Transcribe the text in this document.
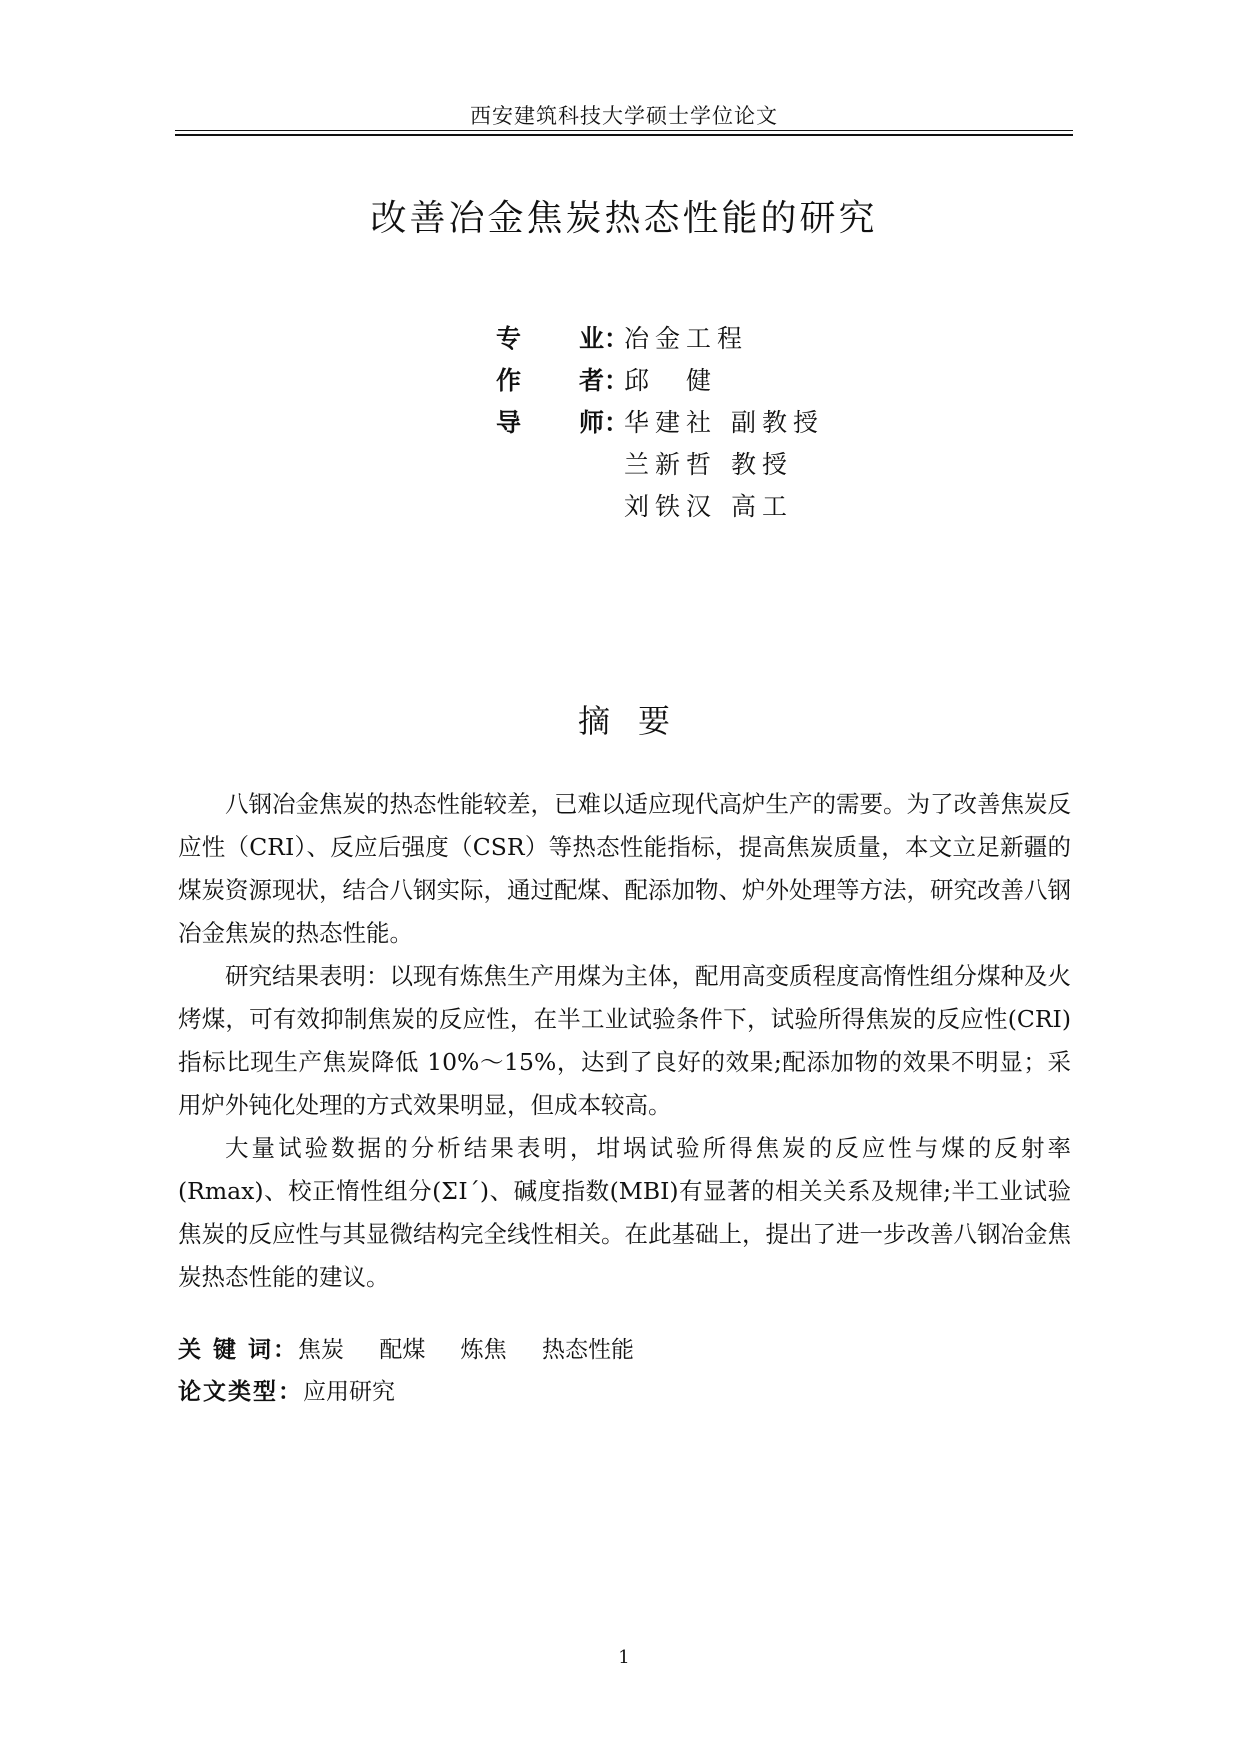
西安建筑科技大学硕士学位论文
改善冶金焦炭热态性能的研究
专 业 ：
冶金工程
作 者 ：
邱　健
导 师 ：
华建社 副教授
兰新哲 教授
刘铁汉 高工
摘要

八钢冶金焦炭的热态性能较差，已难以适应现代高炉生产的需要。为了改善焦炭反应性（CRI）、反应后强度（CSR）等热态性能指标，提高焦炭质量，本文立足新疆的煤炭资源现状，结合八钢实际，通过配煤、配添加物、炉外处理等方法，研究改善八钢冶金焦炭的热态性能。

研究结果表明：以现有炼焦生产用煤为主体，配用高变质程度高惰性组分煤种及火烤煤，可有效抑制焦炭的反应性，在半工业试验条件下，试验所得焦炭的反应性(CRI)指标比现生产焦炭降低 10%～15%，达到了良好的效果;配添加物的效果不明显；采用炉外钝化处理的方式效果明显，但成本较高。

大量试验数据的分析结果表明，坩埚试验所得焦炭的反应性与煤的反射率(Rmax)、校正惰性组分(ΣⅠ´)、碱度指数(MBI)有显著的相关关系及规律;半工业试验焦炭的反应性与其显微结构完全线性相关。在此基础上，提出了进一步改善八钢冶金焦炭热态性能的建议。

关 键 词： 焦炭 配煤 炼焦 热态性能
论文类型： 应用研究
1
